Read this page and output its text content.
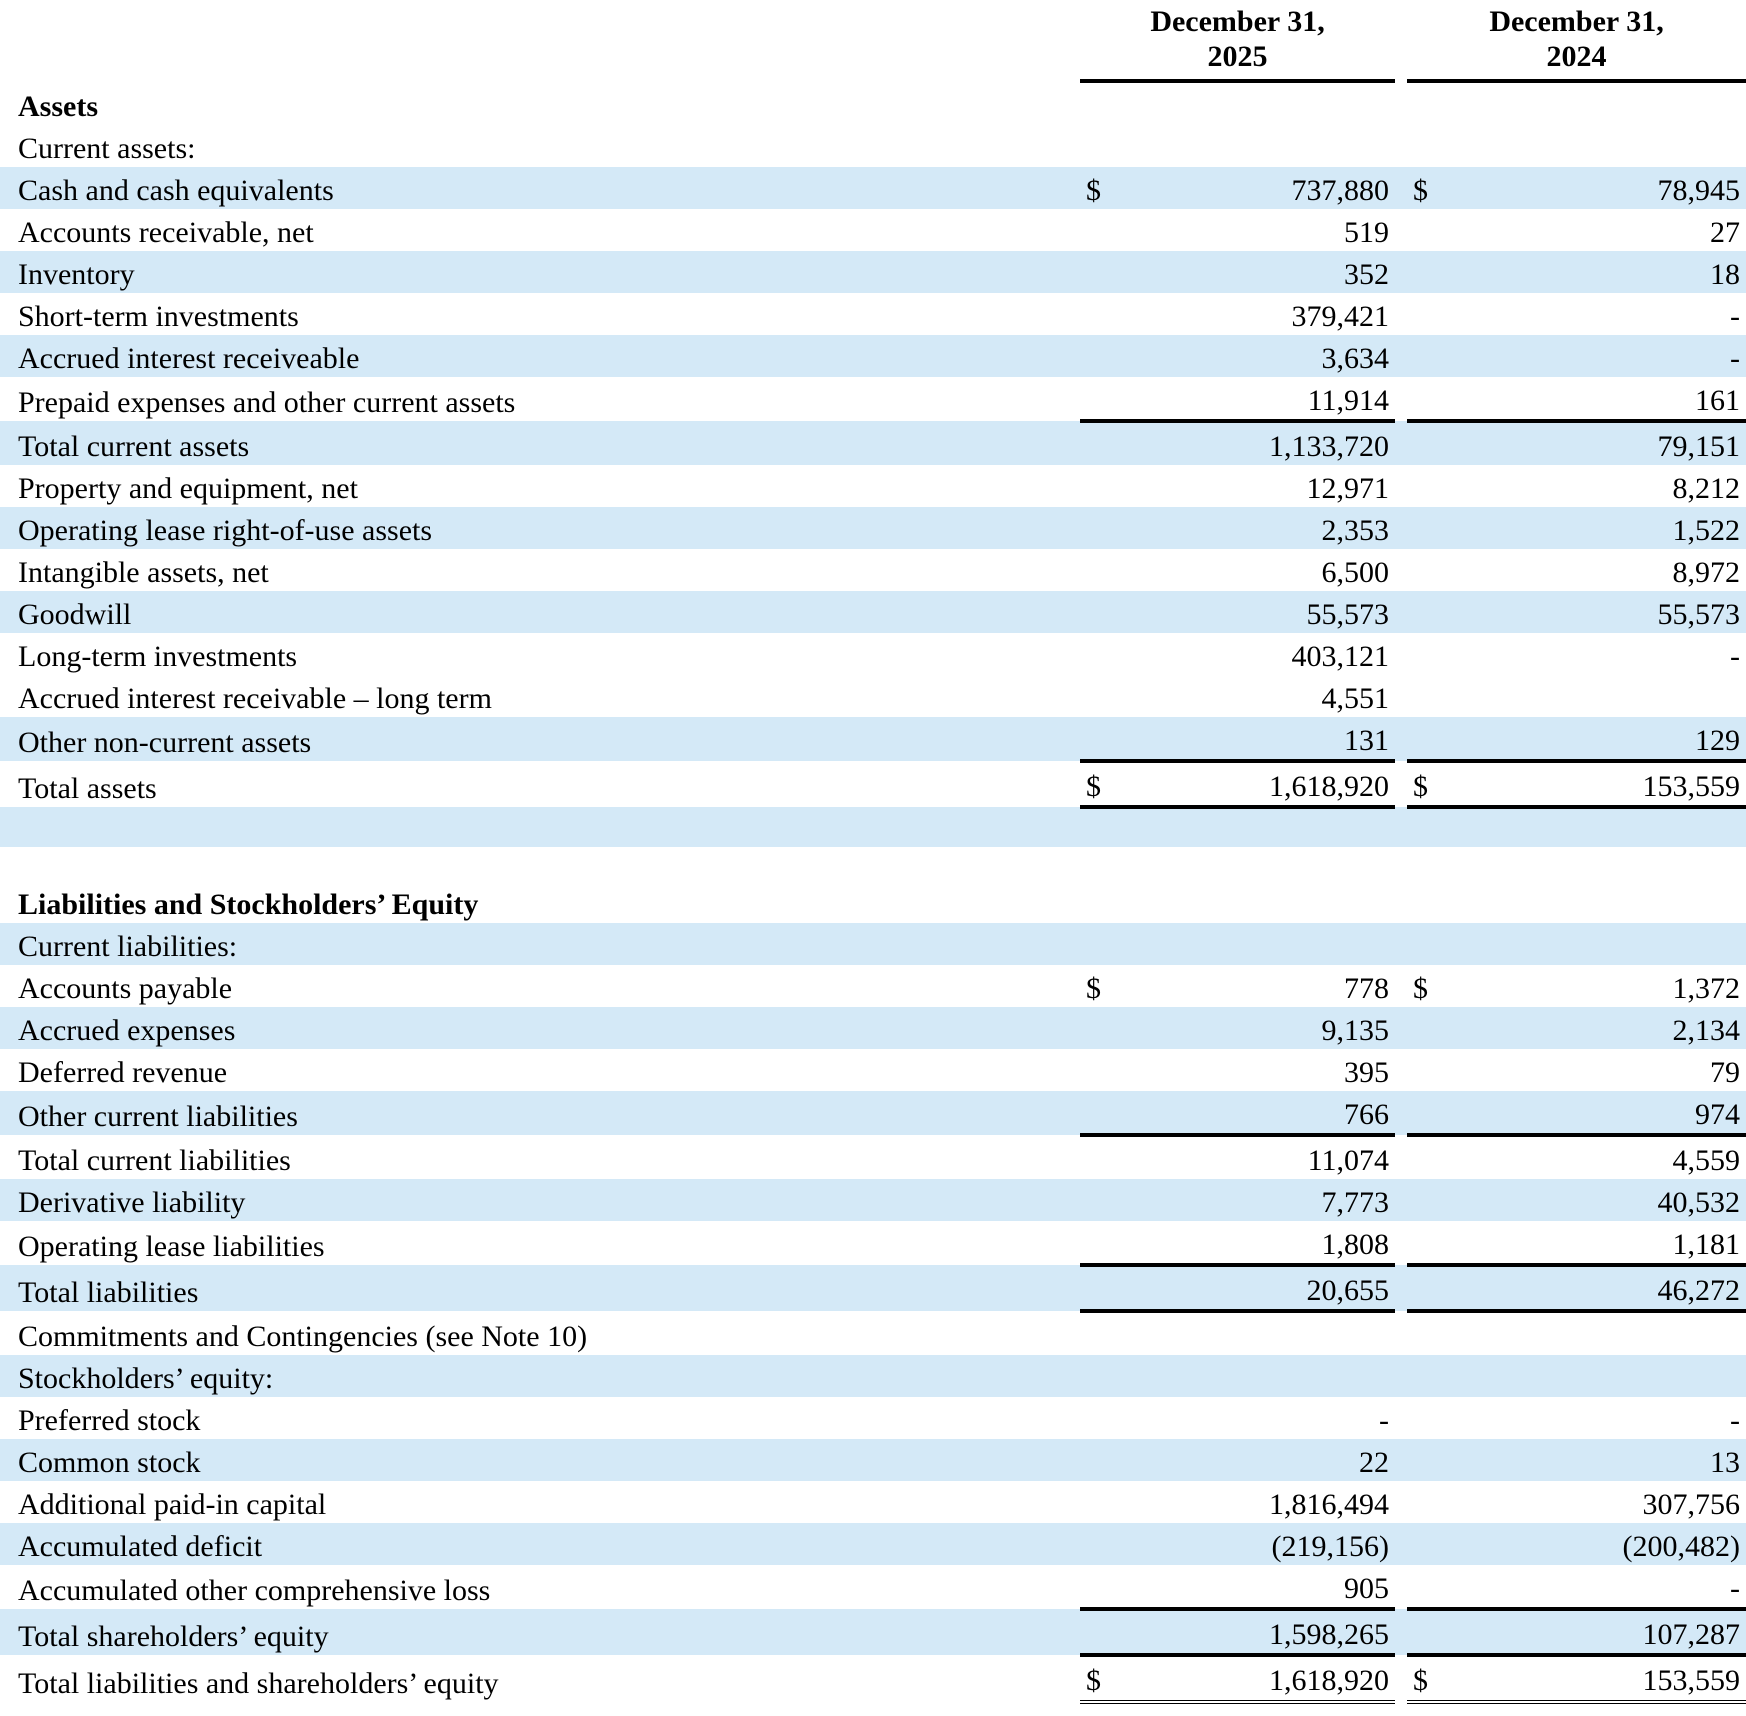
	December 31,
2025			December 31,
2024	
Assets					
Current assets:					
Cash and cash equivalents	$	737,880		$	78,945
Accounts receivable, net		519			27
Inventory		352			18
Short-term investments		379,421			-
Accrued interest receiveable		3,634			-
Prepaid expenses and other current assets		11,914			161
Total current assets		1,133,720			79,151
Property and equipment, net		12,971			8,212
Operating lease right-of-use assets		2,353			1,522
Intangible assets, net		6,500			8,972
Goodwill		55,573			55,573
Long-term investments		403,121			-
Accrued interest receivable – long term		4,551			
Other non-current assets		131			129
Total assets	$	1,618,920		$	153,559

Liabilities and Stockholders’ Equity					
Current liabilities:					
Accounts payable	$	778		$	1,372
Accrued expenses		9,135			2,134
Deferred revenue		395			79
Other current liabilities		766			974
Total current liabilities		11,074			4,559
Derivative liability		7,773			40,532
Operating lease liabilities		1,808			1,181
Total liabilities		20,655			46,272
Commitments and Contingencies (see Note 10)					
Stockholders’ equity:					
Preferred stock		-			-
Common stock		22			13
Additional paid-in capital		1,816,494			307,756
Accumulated deficit		(219,156)			(200,482)
Accumulated other comprehensive loss		905			-
Total shareholders’ equity		1,598,265			107,287
Total liabilities and shareholders’ equity	$	1,618,920		$	153,559
